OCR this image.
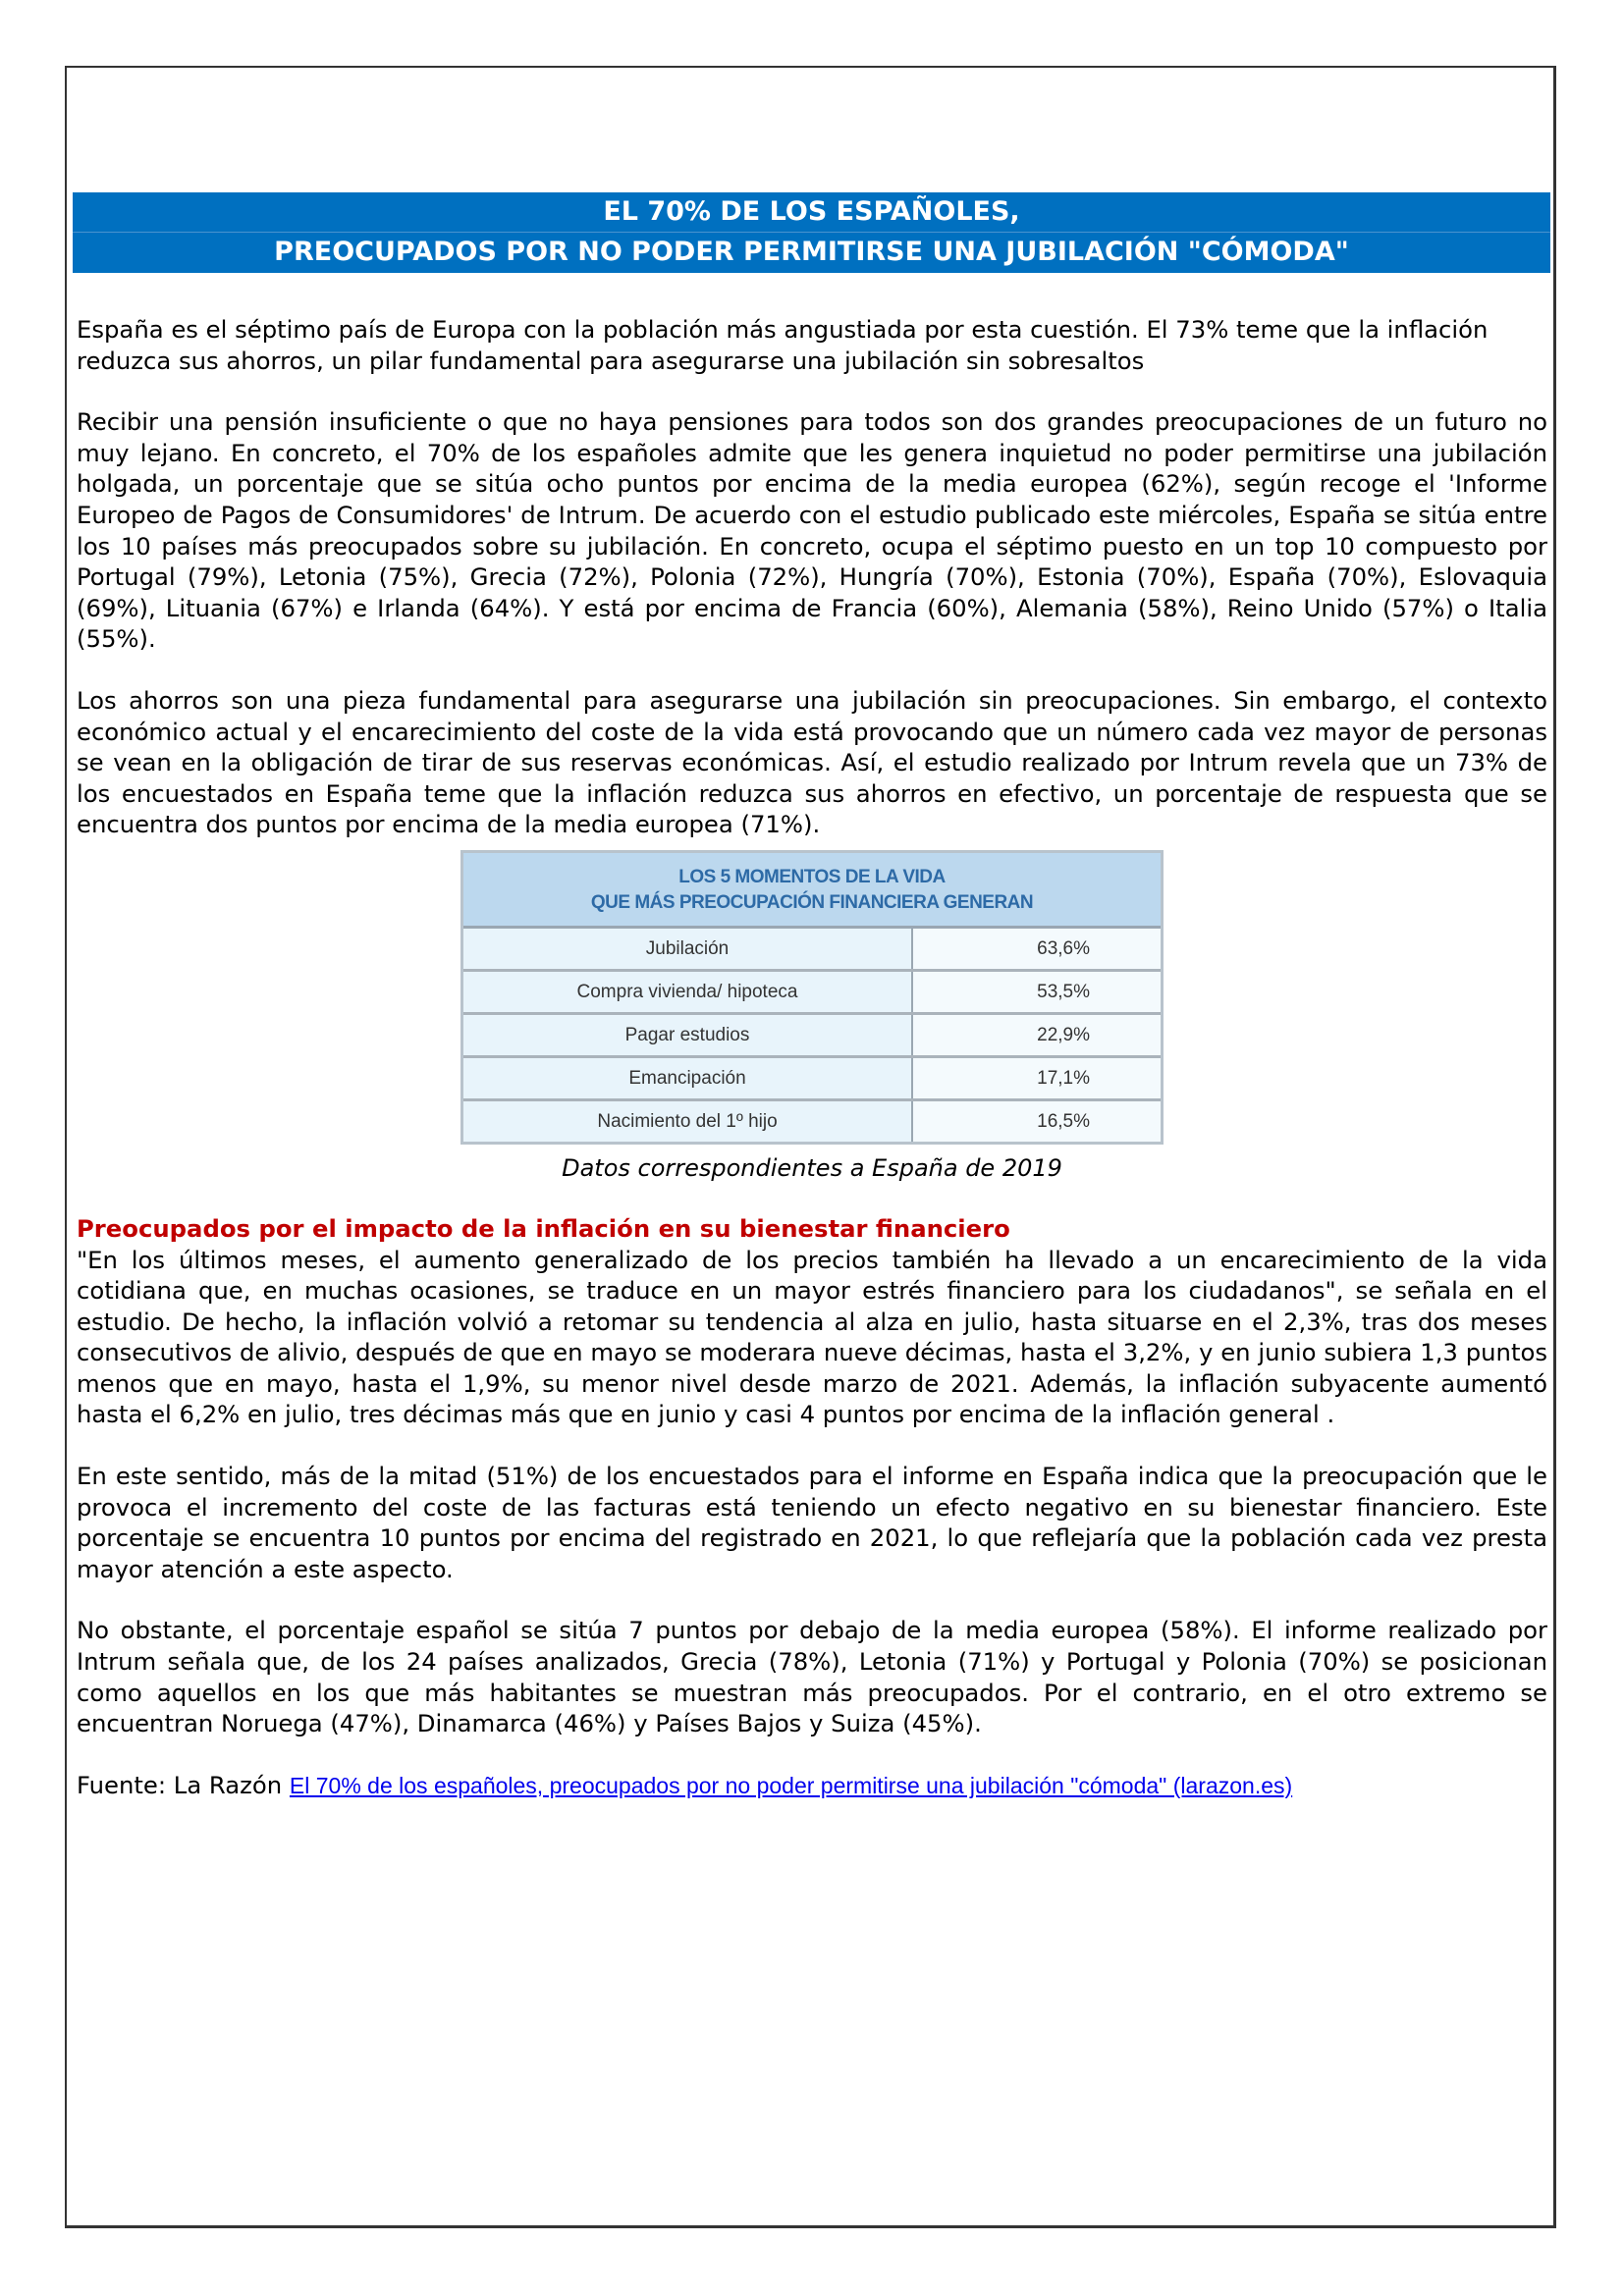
EL 70% DE LOS ESPAÑOLES,
PREOCUPADOS POR NO PODER PERMITIRSE UNA JUBILACIÓN "CÓMODA"

España es el séptimo país de Europa con la población más angustiada por esta cuestión. El 73% teme que la inflación reduzca sus ahorros, un pilar fundamental para asegurarse una jubilación sin sobresaltos

Recibir una pensión insuficiente o que no haya pensiones para todos son dos grandes preocupaciones de un futuro no muy lejano. En concreto, el 70% de los españoles admite que les genera inquietud no poder permitirse una jubilación holgada, un porcentaje que se sitúa ocho puntos por encima de la media europea (62%), según recoge el 'Informe Europeo de Pagos de Consumidores' de Intrum. De acuerdo con el estudio publicado este miércoles, España se sitúa entre los 10 países más preocupados sobre su jubilación. En concreto, ocupa el séptimo puesto en un top 10 compuesto por Portugal (79%), Letonia (75%), Grecia (72%), Polonia (72%), Hungría (70%), Estonia (70%), España (70%), Eslovaquia (69%), Lituania (67%) e Irlanda (64%). Y está por encima de Francia (60%), Alemania (58%), Reino Unido (57%) o Italia (55%).

Los ahorros son una pieza fundamental para asegurarse una jubilación sin preocupaciones. Sin embargo, el contexto económico actual y el encarecimiento del coste de la vida está provocando que un número cada vez mayor de personas se vean en la obligación de tirar de sus reservas económicas. Así, el estudio realizado por Intrum revela que un 73% de los encuestados en España teme que la inflación reduzca sus ahorros en efectivo, un porcentaje de respuesta que se encuentra dos puntos por encima de la media europea (71%).

LOS 5 MOMENTOS DE LA VIDA
QUE MÁS PREOCUPACIÓN FINANCIERA GENERAN
Jubilación	63,6%
Compra vivienda/ hipoteca	53,5%
Pagar estudios	22,9%
Emancipación	17,1%
Nacimiento del 1º hijo	16,5%
Datos correspondientes a España de 2019
Preocupados por el impacto de la inflación en su bienestar financiero

"En los últimos meses, el aumento generalizado de los precios también ha llevado a un encarecimiento de la vida cotidiana que, en muchas ocasiones, se traduce en un mayor estrés financiero para los ciudadanos", se señala en el estudio. De hecho, la inflación volvió a retomar su tendencia al alza en julio, hasta situarse en el 2,3%, tras dos meses consecutivos de alivio, después de que en mayo se moderara nueve décimas, hasta el 3,2%, y en junio subiera 1,3 puntos menos que en mayo, hasta el 1,9%, su menor nivel desde marzo de 2021. Además, la inflación subyacente aumentó hasta el 6,2% en julio, tres décimas más que en junio y casi 4 puntos por encima de la inflación general .

En este sentido, más de la mitad (51%) de los encuestados para el informe en España indica que la preocupación que le provoca el incremento del coste de las facturas está teniendo un efecto negativo en su bienestar financiero. Este porcentaje se encuentra 10 puntos por encima del registrado en 2021, lo que reflejaría que la población cada vez presta mayor atención a este aspecto.

No obstante, el porcentaje español se sitúa 7 puntos por debajo de la media europea (58%). El informe realizado por Intrum señala que, de los 24 países analizados, Grecia (78%), Letonia (71%) y Portugal y Polonia (70%) se posicionan como aquellos en los que más habitantes se muestran más preocupados. Por el contrario, en el otro extremo se encuentran Noruega (47%), Dinamarca (46%) y Países Bajos y Suiza (45%).

Fuente: La Razón El 70% de los españoles, preocupados por no poder permitirse una jubilación "cómoda" (larazon.es)
